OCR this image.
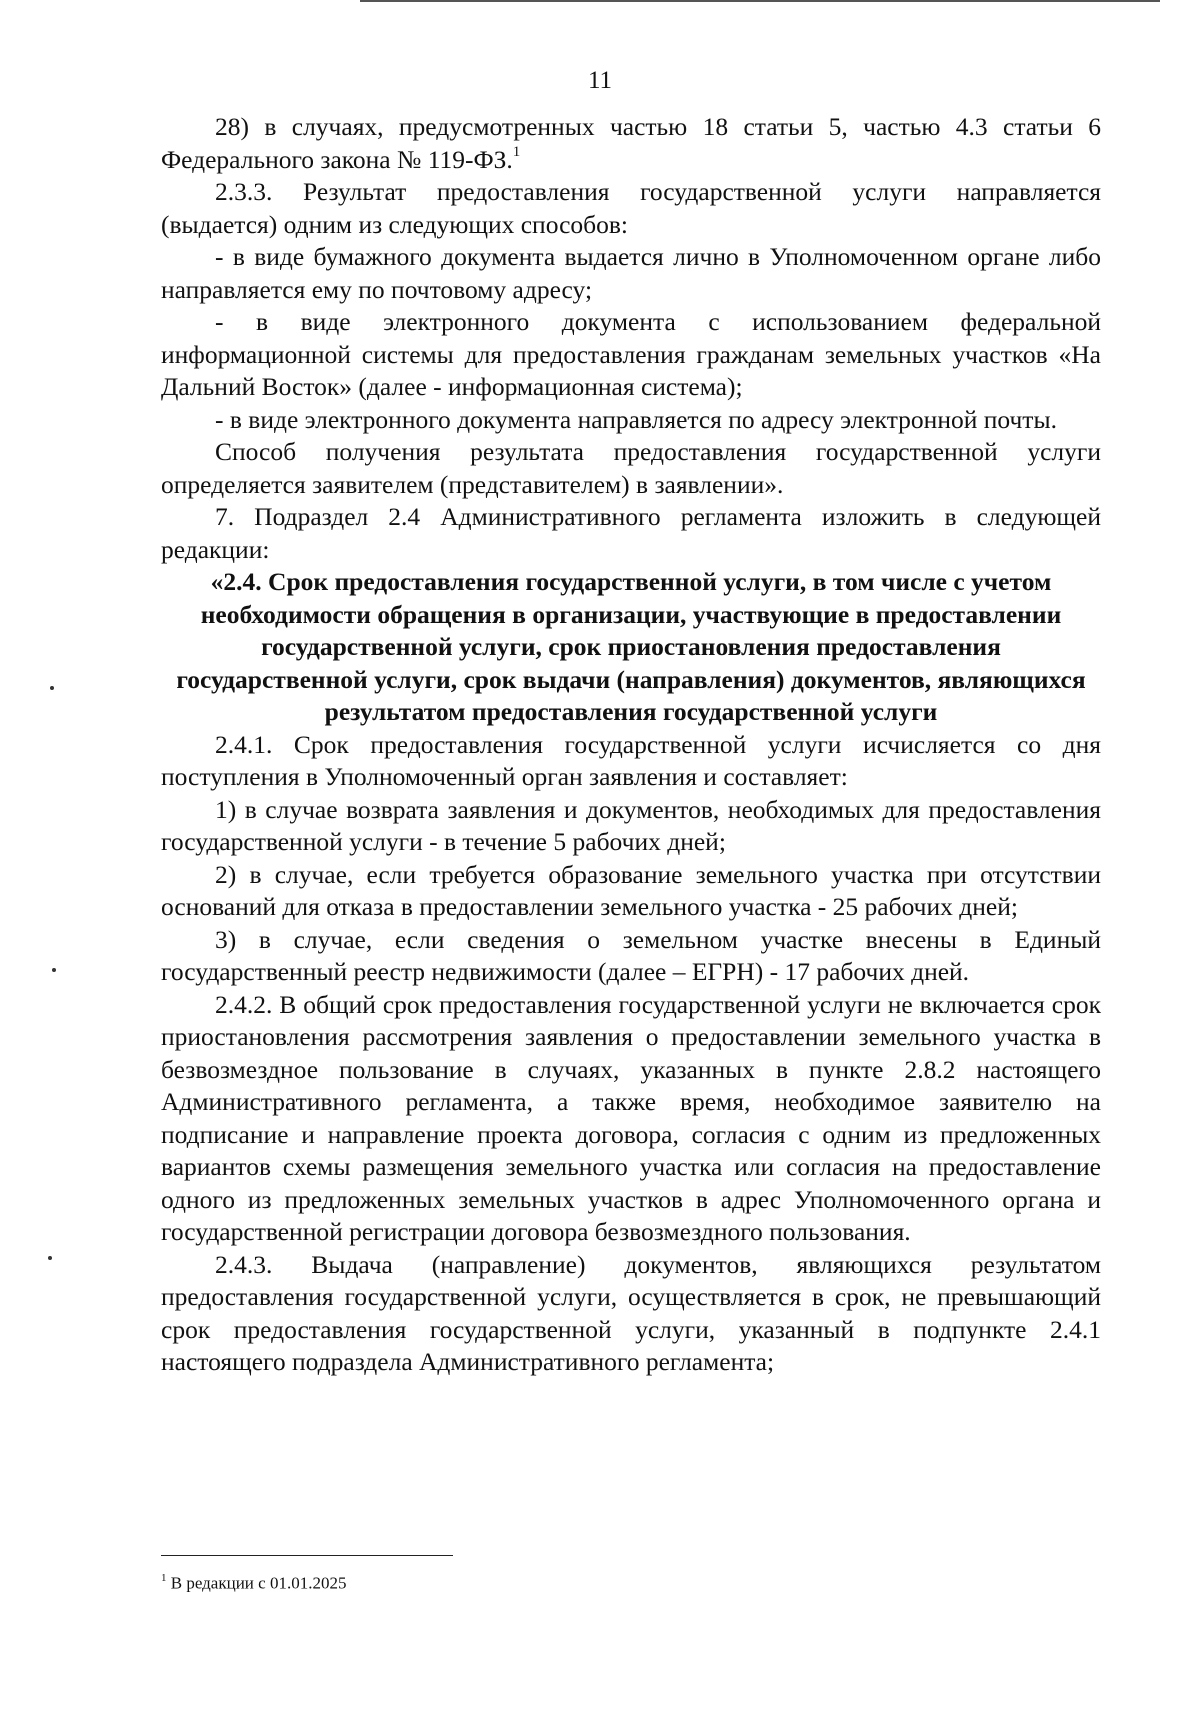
11

28) в случаях, предусмотренных частью 18 статьи 5, частью 4.3 статьи 6 Федерального закона № 119-ФЗ.$^1$

2.3.3. Результат предоставления государственной услуги направляется (выдается) одним из следующих способов:

- в виде бумажного документа выдается лично в Уполномоченном органе либо направляется ему по почтовому адресу;

- в виде электронного документа с использованием федеральной информационной системы для предоставления гражданам земельных участков «На Дальний Восток» (далее - информационная система);

- в виде электронного документа направляется по адресу электронной почты.

Способ получения результата предоставления государственной услуги определяется заявителем (представителем) в заявлении».

7. Подраздел 2.4 Административного регламента изложить в следующей редакции:

«2.4. Срок предоставления государственной услуги, в том числе с учетом необходимости обращения в организации, участвующие в предоставлении государственной услуги, срок приостановления предоставления государственной услуги, срок выдачи (направления) документов, являющихся результатом предоставления государственной услуги

2.4.1. Срок предоставления государственной услуги исчисляется со дня поступления в Уполномоченный орган заявления и составляет:

1) в случае возврата заявления и документов, необходимых для предоставления государственной услуги - в течение 5 рабочих дней;

2) в случае, если требуется образование земельного участка при отсутствии оснований для отказа в предоставлении земельного участка - 25 рабочих дней;

3) в случае, если сведения о земельном участке внесены в Единый государственный реестр недвижимости (далее – ЕГРН) - 17 рабочих дней.

2.4.2. В общий срок предоставления государственной услуги не включается срок приостановления рассмотрения заявления о предоставлении земельного участка в безвозмездное пользование в случаях, указанных в пункте 2.8.2 настоящего Административного регламента, а также время, необходимое заявителю на подписание и направление проекта договора, согласия с одним из предложенных вариантов схемы размещения земельного участка или согласия на предоставление одного из предложенных земельных участков в адрес Уполномоченного органа и государственной регистрации договора безвозмездного пользования.

2.4.3. Выдача (направление) документов, являющихся результатом предоставления государственной услуги, осуществляется в срок, не превышающий срок предоставления государственной услуги, указанный в подпункте 2.4.1 настоящего подраздела Административного регламента;

$^1$ В редакции с 01.01.2025
